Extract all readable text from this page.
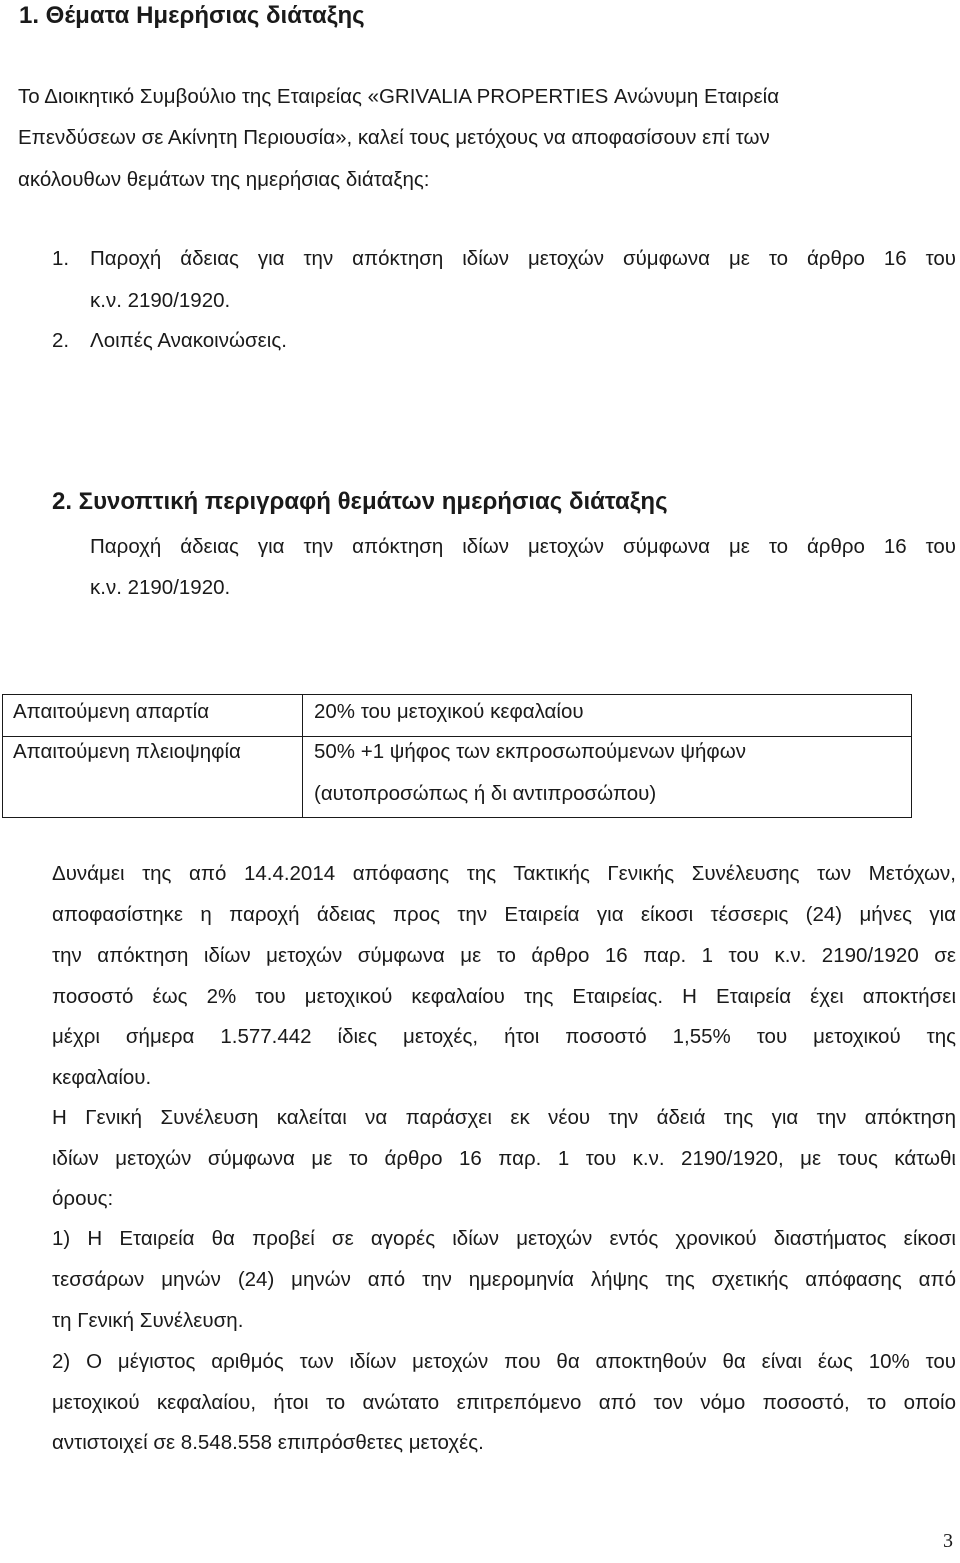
1. Θέματα Ημερήσιας διάταξης
Το Διοικητικό Συμβούλιο της Εταιρείας «GRIVALIA PROPERTIES Ανώνυμη Εταιρεία
Επενδύσεων σε Ακίνητη Περιουσία», καλεί τους μετόχους να αποφασίσουν επί των
ακόλουθων θεμάτων της ημερήσιας διάταξης:
1. Παροχή άδειας για την απόκτηση ιδίων μετοχών σύμφωνα με το άρθρο 16 του
κ.ν. 2190/1920.
2. Λοιπές Ανακοινώσεις.
2. Συνοπτική περιγραφή θεμάτων ημερήσιας διάταξης
Παροχή άδειας για την απόκτηση ιδίων μετοχών σύμφωνα με το άρθρο 16 του
κ.ν. 2190/1920.
Απαιτούμενη απαρτία	20% του μετοχικού κεφαλαίου
Απαιτούμενη πλειοψηφία	50% +1 ψήφος των εκπροσωπούμενων ψήφων
(αυτοπροσώπως ή δι αντιπροσώπου)
Δυνάμει της από 14.4.2014 απόφασης της Τακτικής Γενικής Συνέλευσης των Μετόχων,
αποφασίστηκε η παροχή άδειας προς την Εταιρεία για είκοσι τέσσερις (24) μήνες για
την απόκτηση ιδίων μετοχών σύμφωνα με το άρθρο 16 παρ. 1 του κ.ν. 2190/1920 σε
ποσοστό έως 2% του μετοχικού κεφαλαίου της Εταιρείας. Η Εταιρεία έχει αποκτήσει
μέχρι σήμερα 1.577.442 ίδιες μετοχές, ήτοι ποσοστό 1,55% του μετοχικού της
κεφαλαίου.
Η Γενική Συνέλευση καλείται να παράσχει εκ νέου την άδειά της για την απόκτηση
ιδίων μετοχών σύμφωνα με το άρθρο 16 παρ. 1 του κ.ν. 2190/1920, με τους κάτωθι
όρους:
1) Η Εταιρεία θα προβεί σε αγορές ιδίων μετοχών εντός χρονικού διαστήματος είκοσι
τεσσάρων μηνών (24) μηνών από την ημερομηνία λήψης της σχετικής απόφασης από
τη Γενική Συνέλευση.
2) Ο μέγιστος αριθμός των ιδίων μετοχών που θα αποκτηθούν θα είναι έως 10% του
μετοχικού κεφαλαίου, ήτοι το ανώτατο επιτρεπόμενο από τον νόμο ποσοστό, το οποίο
αντιστοιχεί σε 8.548.558 επιπρόσθετες μετοχές.
3
